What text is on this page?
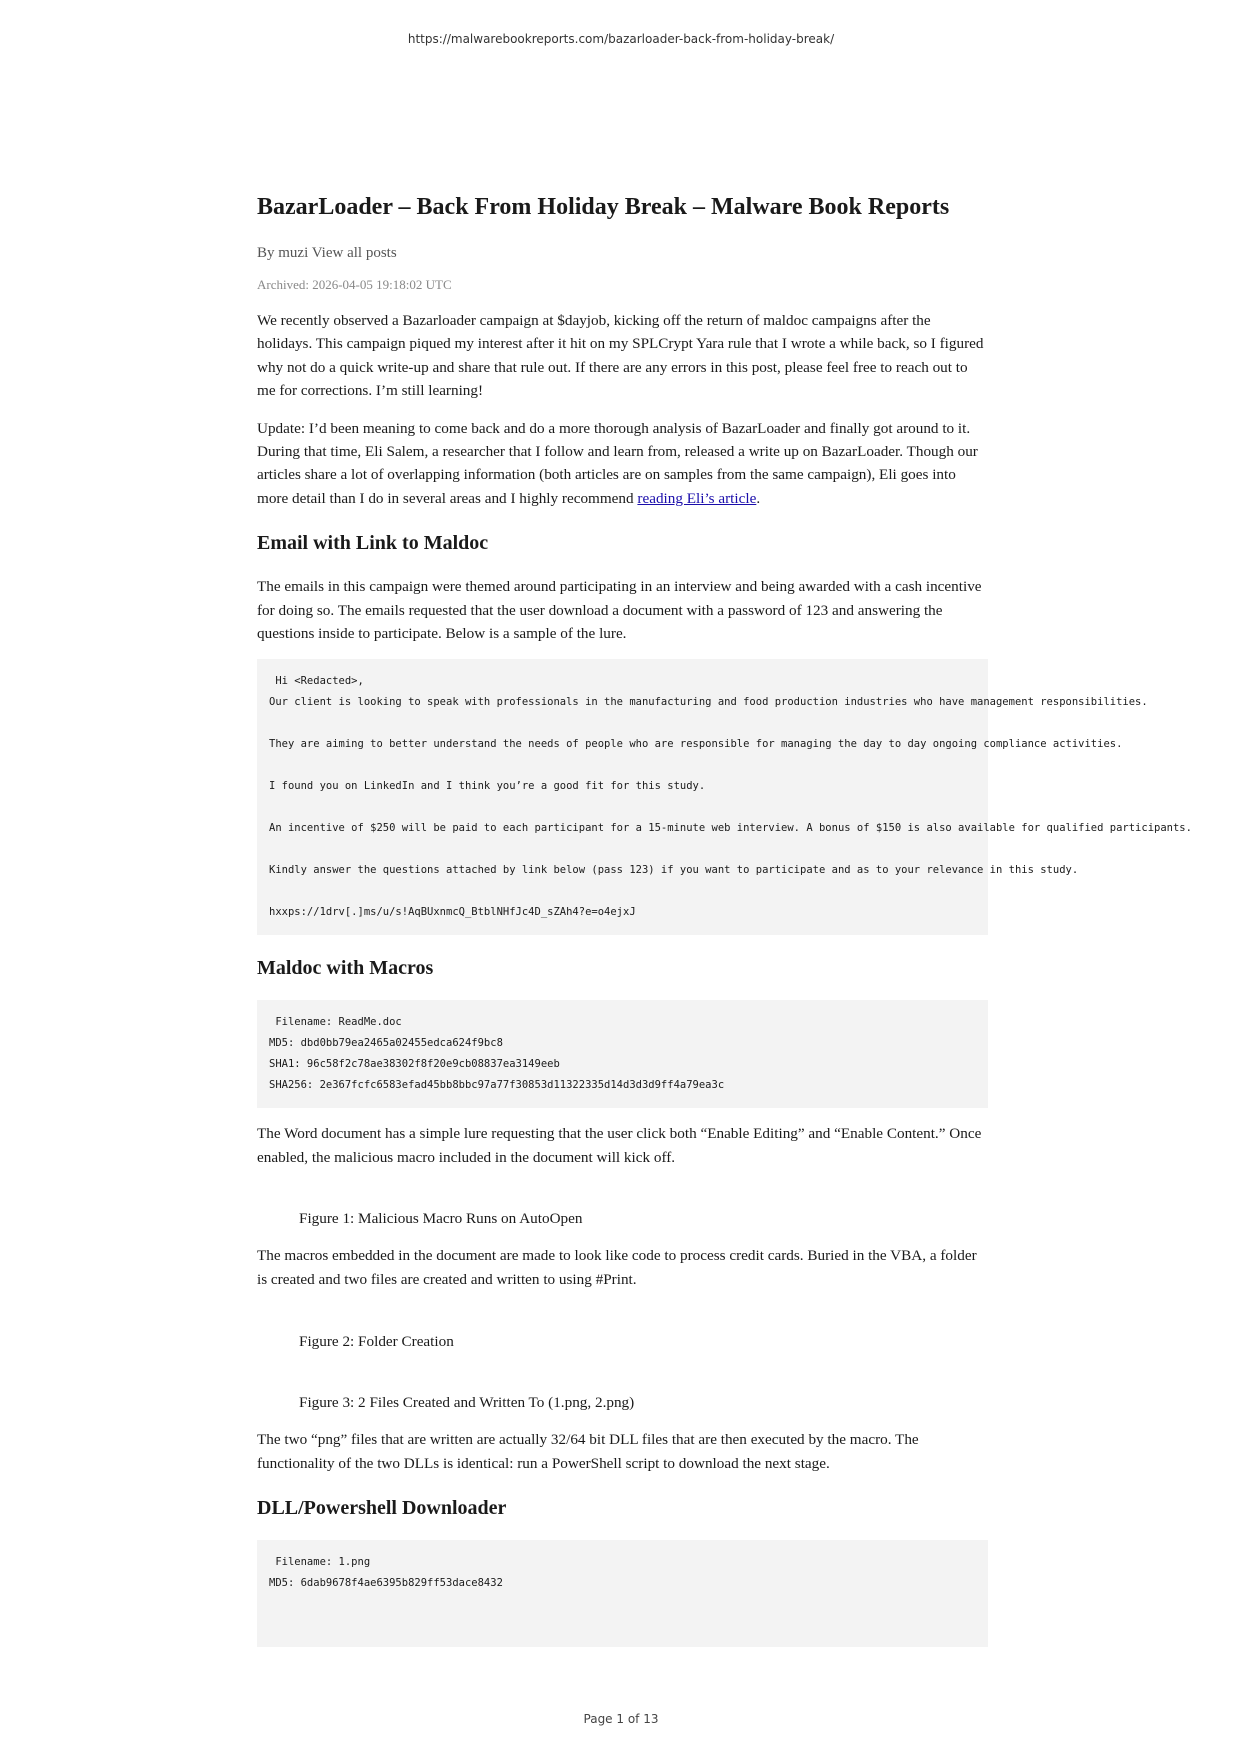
https://malwarebookreports.com/bazarloader-back-from-holiday-break/
BazarLoader – Back From Holiday Break – Malware Book Reports
By muzi View all posts
Archived: 2026-04-05 19:18:02 UTC

We recently observed a Bazarloader campaign at $dayjob, kicking off the return of maldoc campaigns after the holidays. This campaign piqued my interest after it hit on my SPLCrypt Yara rule that I wrote a while back, so I figured why not do a quick write-up and share that rule out. If there are any errors in this post, please feel free to reach out to me for corrections. I’m still learning!

Update: I’d been meaning to come back and do a more thorough analysis of BazarLoader and finally got around to it. During that time, Eli Salem, a researcher that I follow and learn from, released a write up on BazarLoader. Though our articles share a lot of overlapping information (both articles are on samples from the same campaign), Eli goes into more detail than I do in several areas and I highly recommend reading Eli’s article.

Email with Link to Maldoc

The emails in this campaign were themed around participating in an interview and being awarded with a cash incentive for doing so. The emails requested that the user download a document with a password of 123 and answering the questions inside to participate. Below is a sample of the lure.

Hi <Redacted>,
Our client is looking to speak with professionals in the manufacturing and food production industries who have management responsibilities.
They are aiming to better understand the needs of people who are responsible for managing the day to day ongoing compliance activities.
I found you on LinkedIn and I think you’re a good fit for this study.
An incentive of $250 will be paid to each participant for a 15-minute web interview. A bonus of $150 is also available for qualified participants.
Kindly answer the questions attached by link below (pass 123) if you want to participate and as to your relevance in this study.
hxxps://1drv[.]ms/u/s!AqBUxnmcQ_BtblNHfJc4D_sZAh4?e=o4ejxJ
Maldoc with Macros
Filename: ReadMe.doc
MD5: dbd0bb79ea2465a02455edca624f9bc8
SHA1: 96c58f2c78ae38302f8f20e9cb08837ea3149eeb
SHA256: 2e367fcfc6583efad45bb8bbc97a77f30853d11322335d14d3d3d9ff4a79ea3c

The Word document has a simple lure requesting that the user click both “Enable Editing” and “Enable Content.” Once enabled, the malicious macro included in the document will kick off.

Figure 1: Malicious Macro Runs on AutoOpen

The macros embedded in the document are made to look like code to process credit cards. Buried in the VBA, a folder is created and two files are created and written to using #Print.

Figure 2: Folder Creation
Figure 3: 2 Files Created and Written To (1.png, 2.png)

The two “png” files that are written are actually 32/64 bit DLL files that are then executed by the macro. The functionality of the two DLLs is identical: run a PowerShell script to download the next stage.

DLL/Powershell Downloader
Filename: 1.png
MD5: 6dab9678f4ae6395b829ff53dace8432
Page 1 of 13
